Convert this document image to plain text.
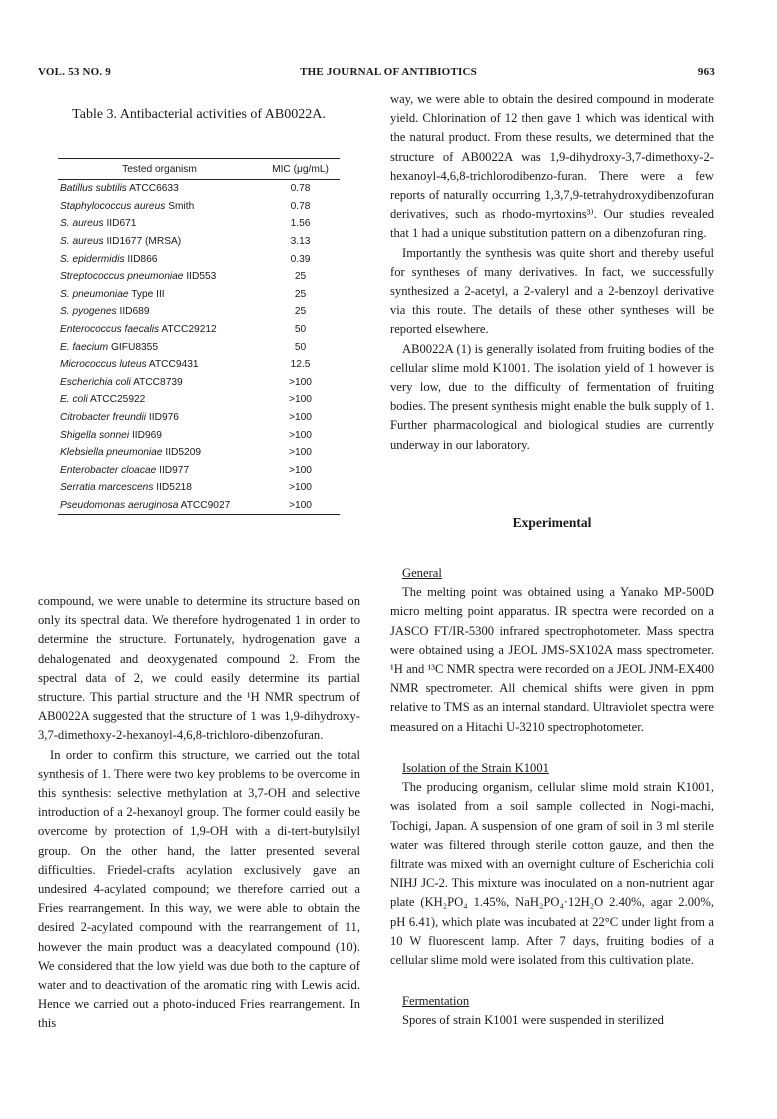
VOL. 53 NO. 9	THE JOURNAL OF ANTIBIOTICS	963
Table 3. Antibacterial activities of AB0022A.
Tested organism	MIC (μg/mL)
Batillus subtilis ATCC6633	0.78
Staphylococcus aureus Smith	0.78
S. aureus IID671	1.56
S. aureus IID1677 (MRSA)	3.13
S. epidermidis IID866	0.39
Streptococcus pneumoniae IID553	25
S. pneumoniae Type III	25
S. pyogenes IID689	25
Enterococcus faecalis ATCC29212	50
E. faecium GIFU8355	50
Micrococcus luteus ATCC9431	12.5
Escherichia coli ATCC8739	>100
E. coli ATCC25922	>100
Citrobacter freundii IID976	>100
Shigella sonnei IID969	>100
Klebsiella pneumoniae IID5209	>100
Enterobacter cloacae IID977	>100
Serratia marcescens IID5218	>100
Pseudomonas aeruginosa ATCC9027	>100

compound, we were unable to determine its structure based on only its spectral data. We therefore hydrogenated 1 in order to determine the structure. Fortunately, hydrogenation gave a dehalogenated and deoxygenated compound 2. From the spectral data of 2, we could easily determine its partial structure. This partial structure and the ¹H NMR spectrum of AB0022A suggested that the structure of 1 was 1,9-dihydroxy-3,7-dimethoxy-2-hexanoyl-4,6,8-trichloro-dibenzofuran.

In order to confirm this structure, we carried out the total synthesis of 1. There were two key problems to be overcome in this synthesis: selective methylation at 3,7-OH and selective introduction of a 2-hexanoyl group. The former could easily be overcome by protection of 1,9-OH with a di-tert-butylsilyl group. On the other hand, the latter presented several difficulties. Friedel-crafts acylation exclusively gave an undesired 4-acylated compound; we therefore carried out a Fries rearrangement. In this way, we were able to obtain the desired 2-acylated compound with the rearrangement of 11, however the main product was a deacylated compound (10). We considered that the low yield was due both to the capture of water and to deactivation of the aromatic ring with Lewis acid. Hence we carried out a photo-induced Fries rearrangement. In this

way, we were able to obtain the desired compound in moderate yield. Chlorination of 12 then gave 1 which was identical with the natural product. From these results, we determined that the structure of AB0022A was 1,9-dihydroxy-3,7-dimethoxy-2-hexanoyl-4,6,8-trichlorodibenzo-furan. There were a few reports of naturally occurring 1,3,7,9-tetrahydroxydibenzofuran derivatives, such as rhodo-myrtoxins³⁾. Our studies revealed that 1 had a unique substitution pattern on a dibenzofuran ring.

Importantly the synthesis was quite short and thereby useful for syntheses of many derivatives. In fact, we successfully synthesized a 2-acetyl, a 2-valeryl and a 2-benzoyl derivative via this route. The details of these other syntheses will be reported elsewhere.

AB0022A (1) is generally isolated from fruiting bodies of the cellular slime mold K1001. The isolation yield of 1 however is very low, due to the difficulty of fermentation of fruiting bodies. The present synthesis might enable the bulk supply of 1. Further pharmacological and biological studies are currently underway in our laboratory.

Experimental

General

The melting point was obtained using a Yanako MP-500D micro melting point apparatus. IR spectra were recorded on a JASCO FT/IR-5300 infrared spectrophotometer. Mass spectra were obtained using a JEOL JMS-SX102A mass spectrometer. ¹H and ¹³C NMR spectra were recorded on a JEOL JNM-EX400 NMR spectrometer. All chemical shifts were given in ppm relative to TMS as an internal standard. Ultraviolet spectra were measured on a Hitachi U-3210 spectrophotometer.

Isolation of the Strain K1001

The producing organism, cellular slime mold strain K1001, was isolated from a soil sample collected in Nogi-machi, Tochigi, Japan. A suspension of one gram of soil in 3 ml sterile water was filtered through sterile cotton gauze, and then the filtrate was mixed with an overnight culture of Escherichia coli NIHJ JC-2. This mixture was inoculated on a non-nutrient agar plate (KH₂PO₄ 1.45%, NaH₂PO₄·12H₂O 2.40%, agar 2.00%, pH 6.41), which plate was incubated at 22°C under light from a 10 W fluorescent lamp. After 7 days, fruiting bodies of a cellular slime mold were isolated from this cultivation plate.

Fermentation

Spores of strain K1001 were suspended in sterilized
